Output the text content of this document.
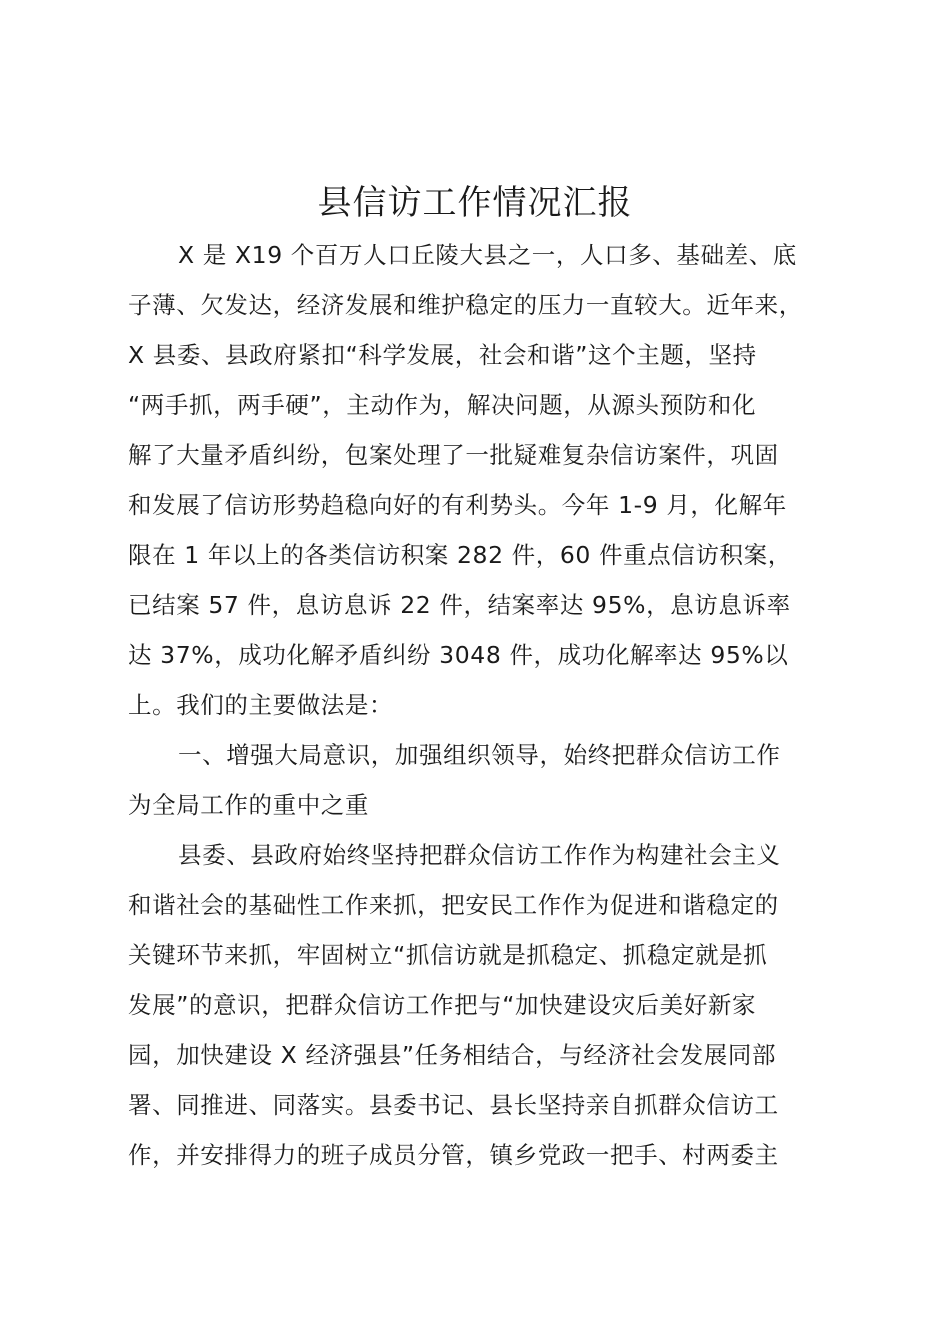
县信访工作情况汇报

X 是 X19 个百万人口丘陵大县之一，人口多、基础差、底

子薄、欠发达，经济发展和维护稳定的压力一直较大。近年来，

X 县委、县政府紧扣“科学发展，社会和谐”这个主题，坚持

“两手抓，两手硬”，主动作为，解决问题，从源头预防和化

解了大量矛盾纠纷，包案处理了一批疑难复杂信访案件，巩固

和发展了信访形势趋稳向好的有利势头。今年 1-9 月，化解年

限在 1 年以上的各类信访积案 282 件，60 件重点信访积案，

已结案 57 件，息访息诉 22 件，结案率达 95%，息访息诉率

达 37%，成功化解矛盾纠纷 3048 件，成功化解率达 95%以

上。我们的主要做法是：

一、增强大局意识，加强组织领导，始终把群众信访工作

为全局工作的重中之重

县委、县政府始终坚持把群众信访工作作为构建社会主义

和谐社会的基础性工作来抓，把安民工作作为促进和谐稳定的

关键环节来抓，牢固树立“抓信访就是抓稳定、抓稳定就是抓

发展”的意识，把群众信访工作把与“加快建设灾后美好新家

园，加快建设 X 经济强县”任务相结合，与经济社会发展同部

署、同推进、同落实。县委书记、县长坚持亲自抓群众信访工

作，并安排得力的班子成员分管，镇乡党政一把手、村两委主
